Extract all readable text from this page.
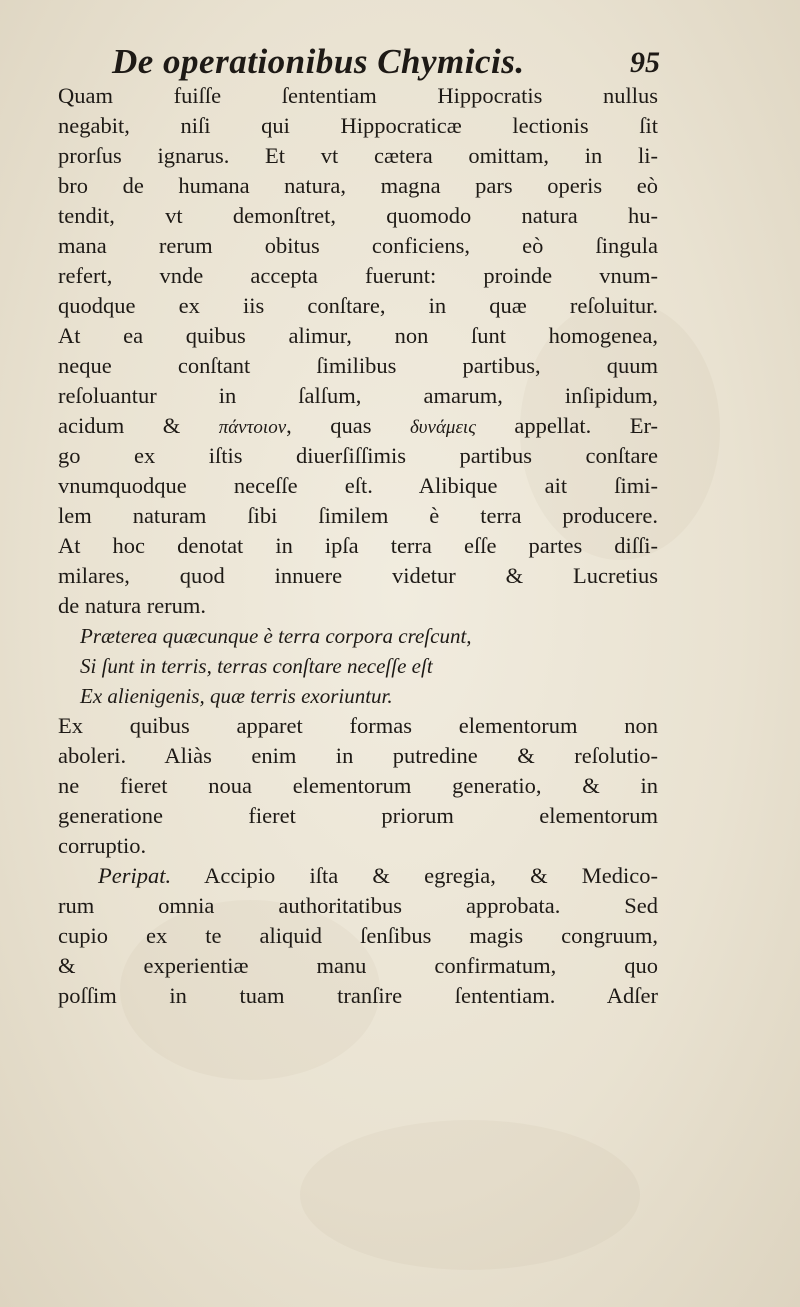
De operationibus Chymicis.	95
Quam fuiſſe ſententiam Hippocratis nullus
negabit, niſi qui Hippocraticæ lectionis ſit
prorſus ignarus. Et vt cætera omittam, in li-
bro de humana natura, magna pars operis eò
tendit, vt demonſtret, quomodo natura hu-
mana rerum obitus conficiens, eò ſingula
refert, vnde accepta fuerunt: proinde vnum-
quodque ex iis conſtare, in quæ reſoluitur.
At ea quibus alimur, non ſunt homogenea,
neque conſtant ſimilibus partibus, quum
reſoluantur in ſalſum, amarum, inſipidum,
acidum & πάντοιον, quas δυνάμεις appellat. Er-
go ex iſtis diuerſiſſimis partibus conſtare
vnumquodque neceſſe eſt. Alibique ait ſimi-
lem naturam ſibi ſimilem è terra producere.
At hoc denotat in ipſa terra eſſe partes diſſi-
milares, quod innuere videtur & Lucretius
de natura rerum.
Præterea quæcunque è terra corpora creſcunt,
Si ſunt in terris, terras conſtare neceſſe eſt
Ex alienigenis, quæ terris exoriuntur.
Ex quibus apparet formas elementorum non
aboleri. Aliàs enim in putredine & reſolutio-
ne fieret noua elementorum generatio, & in
generatione fieret priorum elementorum
corruptio.
Peripat. Accipio iſta & egregia, & Medico-
rum omnia authoritatibus approbata. Sed
cupio ex te aliquid ſenſibus magis congruum,
& experientiæ manu confirmatum, quo
poſſim in tuam tranſire ſententiam. Adſer
